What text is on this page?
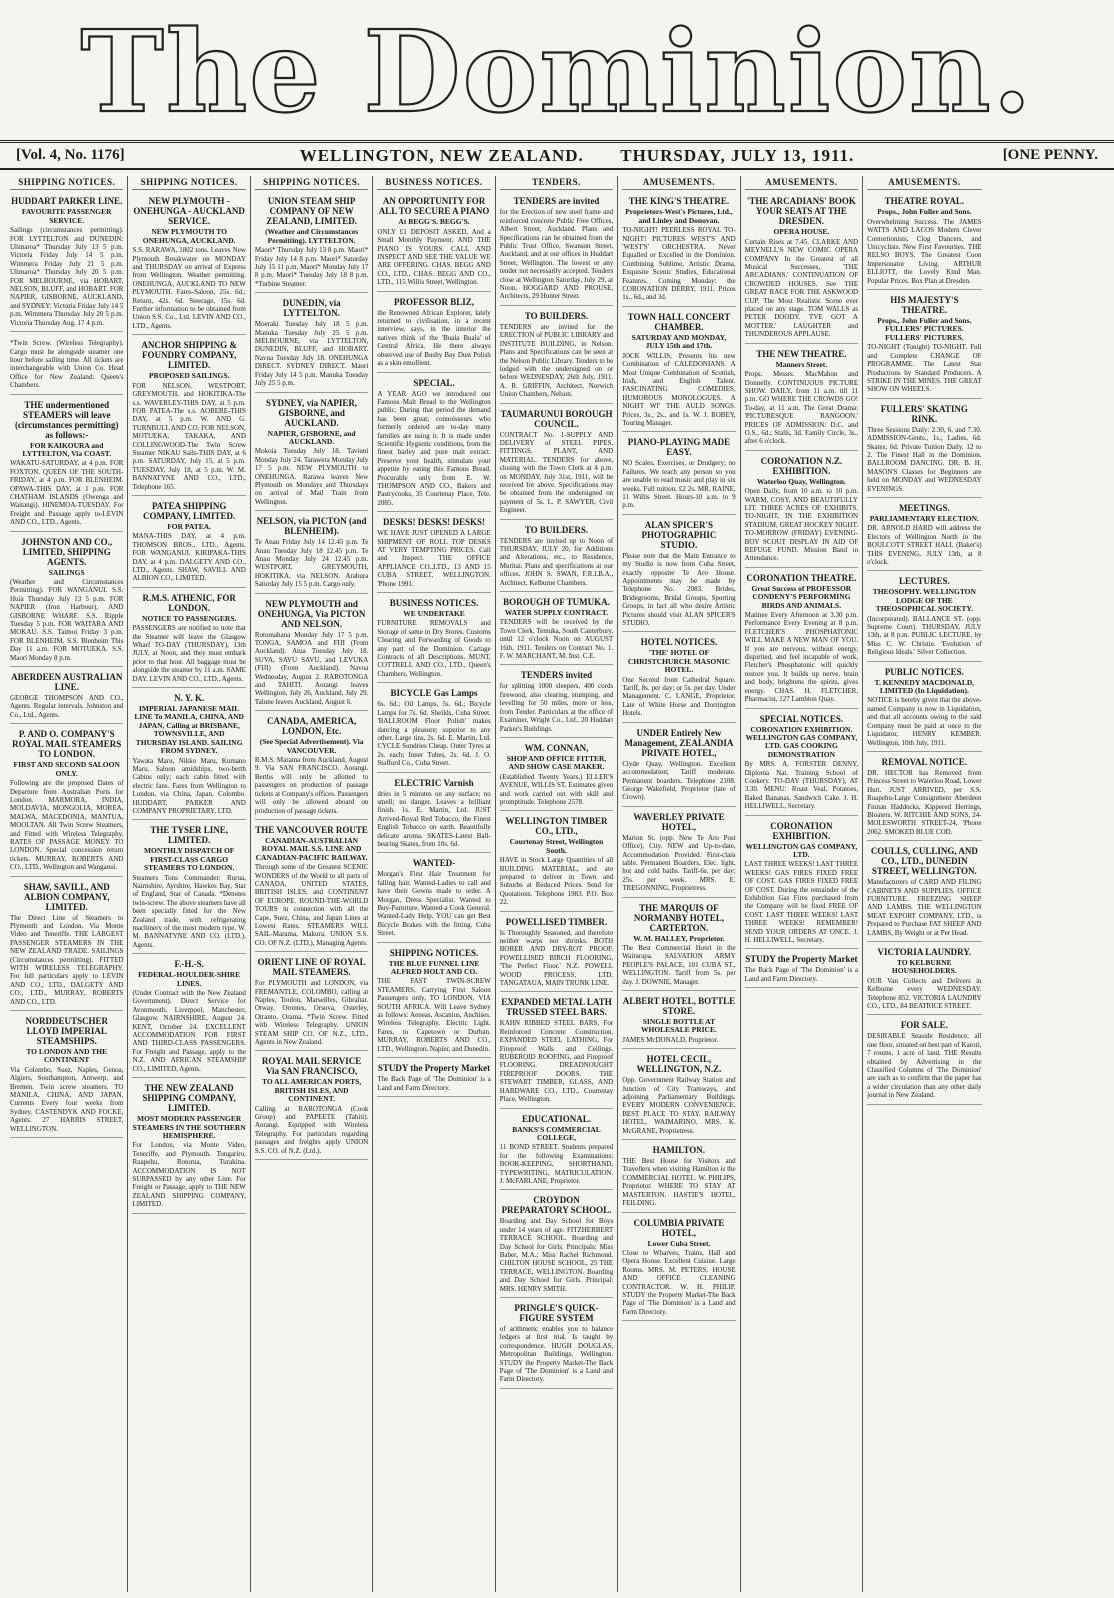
The Dominion.
[Vol. 4, No. 1176]	WELLINGTON, NEW ZEALAND. THURSDAY, JULY 13, 1911.	[ONE PENNY.
SHIPPING NOTICES.
HUDDART PARKER LINE.
FAVOURITE PASSENGER SERVICE.

Sailings (circumstances permitting). FOR LYTTELTON and DUNEDIN: Ulimaroa* Thursday July 13 5 p.m. Victoria Friday July 14 5 p.m. Wimmera Friday July 21 5 p.m. Ulimaroa* Thursday July 20 5 p.m. FOR MELBOURNE, via HOBART, NELSON, BLUFF, and HOBART. FOR NAPIER, GISBORNE, AUCKLAND, and SYDNEY: Victoria Friday July 14 5 p.m. Wimmera Thursday July 20 5 p.m. Victoria Thursday Aug. 17 4 p.m.

*Twin Screw. (Wireless Telegraphy). Cargo must be alongside steamer one hour before sailing time. All tickets are interchangeable with Union Co. Head Office for New Zealand: Queen's Chambers.

THE undermentioned STEAMERS will leave (circumstances permitting) as follows:-
FOR KAIKOURA and LYTTELTON, Via COAST.

WAKATU-SATURDAY, at 4 p.m. FOR FOXTON. QUEEN OF THE SOUTH-FRIDAY, at 4 p.m. FOR BLENHEIM. OPAWA-THIS DAY, at 1 p.m. FOR CHATHAM ISLANDS (Owenga and Waitangi). HINEMOA-TUESDAY. For Freight and Passage apply to-LEVIN AND CO., LTD., Agents.

JOHNSTON AND CO., LIMITED, SHIPPING AGENTS.
SAILINGS

(Weather and Circumstances Permitting). FOR WANGANUI. S.S. Huia Thursday July 13 5 p.m. FOR NAPIER (Iron Harbour), AND GISBORNE WHARF. S.S. Ripple Tuesday 5 p.m. FOR WAITARA AND MOKAU. S.S. Taimoi Friday 3 p.m. FOR BLENHEIM. S.S. Blenheim This Day 11 a.m. FOR MOTUEKA. S.S. Maori Monday 8 p.m.

ABERDEEN AUSTRALIAN LINE.

GEORGE THOMPSON AND CO., Agents. Regular intervals. Johnston and Co., Ltd., Agents.

P. AND O. COMPANY'S ROYAL MAIL STEAMERS TO LONDON.
FIRST AND SECOND SALOON ONLY.

Following are the proposed Dates of Departure from Australian Ports for London. MARMORA, INDIA, MOLDAVIA, MONGOLIA, MOREA, MALWA, MACEDONIA, MANTUA, MOOLTAN. All Twin Screw Steamers, and Fitted with Wireless Telegraphy. RATES OF PASSAGE MONEY TO LONDON. Special concession return tickets. MURRAY, ROBERTS AND CO., LTD., Wellington and Wanganui.

SHAW, SAVILL, AND ALBION COMPANY, LIMITED.

The Direct Line of Steamers to Plymouth and London. Via Monte Video and Teneriffe. THE LARGEST PASSENGER STEAMERS IN THE NEW ZEALAND TRADE. SAILINGS (Circumstances permitting). FITTED WITH WIRELESS TELEGRAPHY. For full particulars apply to LEVIN AND CO., LTD., DALGETY AND CO., LTD., MURRAY, ROBERTS AND CO., LTD.

NORDDEUTSCHER LLOYD IMPERIAL STEAMSHIPS.
TO LONDON AND THE CONTINENT

Via Colombo, Suez, Naples, Genoa, Algiers, Southampton, Antwerp, and Bremen. Twin screw steamers. TO MANILA, CHINA, AND JAPAN. Currents Every four weeks from Sydney. CASTENDYK AND FOCKE, Agents. 27 HARRIS STREET, WELLINGTON.

SHIPPING NOTICES.
NEW PLYMOUTH - ONEHUNGA - AUCKLAND SERVICE.
NEW PLYMOUTH TO ONEHUNGA, AUCKLAND.

S.S. RARAWA, 1802 tons. Leaves New Plymouth Breakwater on MONDAY and THURSDAY on arrival of Express from Wellington. Weather permitting. ONEHUNGA, AUCKLAND TO NEW PLYMOUTH. Fares-Saloon, 25s. 6d.; Return, 42s. 6d. Steerage, 15s. 6d. Further information to be obtained from Union S.S. Co., Ltd. LEVIN AND CO., LTD., Agents.

ANCHOR SHIPPING & FOUNDRY COMPANY, LIMITED.
PROPOSED SAILINGS.

FOR NELSON, WESTPORT, GREYMOUTH, and HOKITIKA-The s.s. WAVERLEY-THIS DAY, at 5 p.m. FOR PATEA-The s.s. AORERE-THIS DAY, at 5 p.m. W. AND G. TURNBULL AND CO. FOR NELSON, MOTUEKA, TAKAKA, AND COLLINGWOOD-The Twin Screw Steamer NIKAU Sails-THIS DAY, at 6 p.m. SATURDAY, July 15, at 5 p.m. TUESDAY, July 18, at 5 p.m. W. M. BANNATYNE AND CO., LTD., Telephone 165.

PATEA SHIPPING COMPANY, LIMITED.
FOR PATEA.

MANA-THIS DAY, at 4 p.m. THOMSON BROS., LTD., Agents. FOR WANGANUI. KIRIPAKA-THIS DAY, at 4 p.m. DALGETY AND CO., LTD., Agents. SHAW, SAVILL AND ALBION CO., LIMITED.

R.M.S. ATHENIC, FOR LONDON.
NOTICE TO PASSENGERS.

PASSENGERS are notified to note that the Steamer will leave the Glasgow Wharf TO-DAY (THURSDAY), 13th JULY, at Noon, and they must embark prior to that hour. All baggage must be alongside the steamer by 11 a.m. SAME DAY. LEVIN AND CO., LTD., Agents.

N. Y. K.
IMPERIAL JAPANESE MAIL LINE To MANILA, CHINA, AND JAPAN, Calling at BRISBANE, TOWNSVILLE, AND THURSDAY ISLAND. SAILING FROM SYDNEY.

Yawata Maru, Nikko Maru, Kumano Maru. Saloon amidships, two-berth Cabins only; each cabin fitted with electric fans. Fares from Wellington to London, via China, Japan, Colombo. HUDDART, PARKER AND COMPANY PROPRIETARY, LTD.

THE TYSER LINE, LIMITED.
MONTHLY DISPATCH OF FIRST-CLASS CARGO STEAMERS TO LONDON.

Steamers Tons Commander: Rurua, Nairnshire, Ayrshire, Hawkes Bay, Star of England, Star of Canada. *Denotes twin-screw. The above steamers have all been specially fitted for the New Zealand trade, with refrigerating machinery of the most modern type. W. M. BANNATYNE AND CO. (LTD.), Agents.

F.-H.-S.
FEDERAL-HOULDER-SHIRE LINES.

(Under Contract with the New Zealand Government). Direct Service for Avonmouth, Liverpool, Manchester, Glasgow. NAIRNSHIRE, August 24. KENT, October 24. EXCELLENT ACCOMMODATION FOR FIRST AND THIRD-CLASS PASSENGERS. For Freight and Passage, apply to the N.Z. AND AFRICAN STEAMSHIP CO., LIMITED, Agents.

THE NEW ZEALAND SHIPPING COMPANY, LIMITED.
MOST MODERN PASSENGER STEAMERS IN THE SOUTHERN HEMISPHERE.

For London, via Monte Video, Teneriffe, and Plymouth. Tongariro, Ruapehu, Rotorua, Turakina. ACCOMMODATION IS NOT SURPASSED by any other Line. For Freight or Passage, apply to THE NEW ZEALAND SHIPPING COMPANY, LIMITED.

SHIPPING NOTICES.
UNION STEAM SHIP COMPANY OF NEW ZEALAND, LIMITED.
(Weather and Circumstances Permitting). LYTTELTON.

Maori* Thursday July 13 8 p.m. Maori* Friday July 14 8 p.m. Maori* Saturday July 15 11 p.m. Maori* Monday July 17 8 p.m. Maori* Tuesday July 18 8 p.m. *Turbine Steamer.

DUNEDIN, via LYTTELTON.

Moeraki Tuesday July 18 5 p.m. Manuka Tuesday July 25 5 p.m. MELBOURNE, via LYTTELTON, DUNEDIN, BLUFF, and HOBART. Navua Tuesday July 18. ONEHUNGA DIRECT. SYDNEY DIRECT. Maori Friday July 14 5 p.m. Manuka Tuesday July 25 5 p.m.

SYDNEY, via NAPIER, GISBORNE, and AUCKLAND.
NAPIER, GISBORNE, and AUCKLAND.

Mokoia Tuesday July 18. Taviuni Monday July 24. Tarawera Monday July 17 5 p.m. NEW PLYMOUTH to ONEHUNGA. Rarawa leaves New Plymouth on Mondays and Thursdays on arrival of Mail Train from Wellington.

NELSON, via PICTON (and BLENHEIM).

Te Anau Friday July 14 12.45 p.m. Te Anau Tuesday July 18 12.45 p.m. Te Anau Monday July 24 12.45 p.m. WESTPORT, GREYMOUTH, HOKITIKA, via NELSON. Arahura Saturday July 15 5 p.m. Cargo only.

NEW PLYMOUTH and ONEHUNGA, Via PICTON AND NELSON.

Rotomahana Monday July 17 5 p.m. TONGA, SAMOA and FIJI (From Auckland). Atua Tuesday July 18. SUVA, SAVU SAVU, and LEVUKA (FIJI) (From Auckland). Navua Wednesday, August 2. RAROTONGA and TAHITI. Aorangi leaves Wellington, July 26, Auckland, July 29. Talune leaves Auckland, August 6.

CANADA, AMERICA, LONDON, Etc.
(See Special Advertisement). Via VANCOUVER.

R.M.S. Marama from Auckland, August 9. Via SAN FRANCISCO. Aorangi. Berths will only be allotted to passengers on production of passage tickets at Company's offices. Passengers will only be allowed aboard on production of passage tickets.

THE VANCOUVER ROUTE
CANADIAN-AUSTRALIAN ROYAL MAIL S.S. LINE AND CANADIAN-PACIFIC RAILWAY.

Through some of the Greatest SCENIC WONDERS of the World to all parts of CANADA, UNITED STATES, BRITISH ISLES, and CONTINENT OF EUROPE. ROUND-THE-WORLD TOURS in connection with all the Cape, Suez, China, and Japan Lines at Lowest Rates. STEAMERS WILL SAIL-Marama, Makura. UNION S.S. CO. OF N.Z. (LTD.), Managing Agents.

ORIENT LINE OF ROYAL MAIL STEAMERS.

For PLYMOUTH and LONDON, via FREMANTLE, COLOMBO, calling at Naples, Toulon, Marseilles, Gibraltar. Otway, Orontes, Orsova, Osterley, Otranto, Orama. *Twin Screw. Fitted with Wireless Telegraphy. UNION STEAM SHIP CO. OF N.Z., LTD., Agents in New Zealand.

ROYAL MAIL SERVICE Via SAN FRANCISCO,
TO ALL AMERICAN PORTS, BRITISH ISLES, AND CONTINENT.

Calling at RAROTONGA (Cook Group) and PAPEETE (Tahiti). Aorangi. Equipped with Wireless Telegraphy. For particulars regarding passages and freights apply UNION S.S. CO. of N.Z. (Ltd.).

BUSINESS NOTICES.
AN OPPORTUNITY FOR ALL TO SECURE A PIANO
At BEGG'S. BEGG'S.

ONLY £1 DEPOSIT ASKED, And a Small Monthly Payment, AND THE PIANO IS YOURS. CALL AND INSPECT AND SEE THE VALUE WE ARE OFFERING. CHAS. BEGG AND CO., LTD., CHAS. BEGG AND CO., LTD., 115 Willis Street, Wellington.

PROFESSOR BLIZ,

the Renowned African Explorer, lately returned to civilisation, in a recent interview, says, in the interior the natives think of the 'Buala Buala' of Central Africa. He there always observed use of Bushy Bay Dust Polish as a skin emollient.

SPECIAL.

A YEAR AGO we introduced our Famous Malt Bread to the Wellington public. During that period the demand has been great; connoisseurs who formerly ordered are to-day many families are using it. It is made under Scientific Hygienic conditions, from the finest barley and pure malt extract. Preserve your health, stimulate your appetite by eating this Famous Bread. Procurable only from E. W. THOMPSON AND CO., Bakers and Pastrycooks, 35 Courtenay Place, Tele. 2085.

DESKS! DESKS! DESKS!

WE HAVE JUST OPENED A LARGE SHIPMENT OF ROLL TOP DESKS AT VERY TEMPTING PRICES. Call and Inspect. THE OFFICE APPLIANCE CO.,LTD., 13 AND 15 CUBA STREET, WELLINGTON. 'Phone 1991.

BUSINESS NOTICES.
WE UNDERTAKE

FURNITURE REMOVALS and Storage of same in Dry Stores. Customs Clearing and Forwarding of Goods to any part of the Dominion. Cartage Contracts of all Descriptions. MUNT, COTTRELL AND CO., LTD., Queen's Chambers, Wellington.

BICYCLE Gas Lamps

6s. 6d.; Oil Lamps, 5s. 6d.; Bicycle Lamps for 7s. 6d. Sheilds, Cuba Street. 'BALLROOM Floor Polish' makes dancing a pleasure; superior to any other. Large tins, 2s. 6d. E. Martin, Ltd. CYCLE Sundries Cheap. Outer Tyres at 2s. each; Inner Tubes, 2s. 6d. J. O. Stafford Co., Cuba Street.

ELECTRIC Varnish

dries in 5 minutes on any surface; no smell; no danger. Leaves a brilliant finish. 1s. E. Martin, Ltd. JUST Arrived-Royal Red Tobacco, the Finest English Tobacco on earth. Beautifully delicate aroma. SKATES-Latest Ball-bearing Skates, from 10s. 6d.

WANTED-

Morgan's First Hair Treatment for falling hair. Wanted-Ladies to call and have their Gowns made to order. A Morgan, Dress Specialist. Wanted to Buy-Furniture. Wanted-a Cook General. Wanted-Lady Help. YOU can get Best Bicycle Brakes with the fitting. Cuba Street.

SHIPPING NOTICES.
THE BLUE FUNNEL LINE ALFRED HOLT AND CO.

THE FAST TWIN-SCREW STEAMERS, Carrying First Saloon Passengers only, TO LONDON, VIA SOUTH AFRICA. Will Leave Sydney as follows: Aeneas, Ascanius, Anchises. Wireless Telegraphy. Electric Light. Fares, to Capetown or Durban. MURRAY, ROBERTS AND CO., LTD., Wellington, Napier, and Dunedin.

STUDY the Property Market

The Back Page of 'The Dominion' is a Land and Farm Directory.

TENDERS.
TENDERS are invited

for the Erection of new steel frame and reinforced concrete Public Free Offices, Albert Street, Auckland. Plans and Specifications can be obtained from the Public Trust Office, Swanson Street, Auckland, and at our offices in Huddart Street, Wellington. The lowest or any tender not necessarily accepted. Tenders close at Wellington Saturday, July 29, at Noon. HOGGARD AND PROUSE, Architects, 29 Hunter Street.

TO BUILDERS.

TENDERS are invited for the ERECTION of PUBLIC LIBRARY and INSTITUTE BUILDING, in Nelson. Plans and Specifications can be seen at the Nelson Public Library. Tenders to be lodged with the undersigned on or before WEDNESDAY, 26th July, 1911. A. R. GRIFFIN, Architect, Norwich Union Chambers, Nelson.

TAUMARUNUI BOROUGH COUNCIL.

CONTRACT No. 1-SUPPLY AND DELIVERY of STEEL PIPES, FITTINGS, PLANT, AND MATERIAL. TENDERS for above, closing with the Town Clerk at 4 p.m. on MONDAY, July 31st, 1911, will be received for above. Specifications may be obtained from the undersigned on payment of 5s. L. P. SAWYER, Civil Engineer.

TO BUILDERS.

TENDERS are invited up to Noon of THURSDAY, JULY 20, for Additions and Alterations, etc., to Residence, Muritai. Plans and specifications at our offices. JOHN S. SWAN, F.R.I.B.A., Architect, Kelburne Chambers.

BOROUGH OF TUMUKA.
WATER SUPPLY CONTRACT.

TENDERS will be received by the Town Clerk, Temuka, South Canterbury, until 12 o'clock Noon on AUGUST 16th, 1911. Tenders on Contract No. 1. F. W. MARCHANT, M. Inst. C.E.

TENDERS invited

for splitting 1000 sleepers, 400 cords firewood, also clearing, stumping, and levelling for 50 miles, more or less, from Tender. Particulars at the office of Examiner, Wright Co., Ltd., 20 Huddart Parker's Buildings.

WM. CONNAN,
SHOP AND OFFICE FITTER, AND SHOW CASE MAKER.

(Established Twenty Years.) ELLER'S AVENUE, WILLIS ST. Estimates given and work carried out with skill and promptitude. Telephone 2578.

WELLINGTON TIMBER CO., LTD.,
Courtenay Street, Wellington South.

HAVE in Stock Large Quantities of all BUILDING MATERIAL, and are prepared to deliver in Town and Suburbs at Reduced Prices. Send for Quotations. Telephone 1983. P.O. Box 22.

POWELLISED TIMBER.

Is Thoroughly Seasoned, and therefore neither warps nor shrinks. BOTH BORER AND DRY-ROT PROOF. POWELLISED BIRCH FLOORING, 'The Perfect Floor.' N.Z. POWELL WOOD PROCESS, LTD. TANGATAUA, MAIN TRUNK LINE.

EXPANDED METAL LATH TRUSSED STEEL BARS.

KAHN RIBBED STEEL BARS, For Reinforced Concrete Construction. EXPANDED STEEL LATHING, For Fireproof Walls and Ceilings. RUBEROID ROOFING, and Fireproof FLOORING. DREADNOUGHT FIREPROOF DOORS. THE STEWART TIMBER, GLASS, AND HARDWARE CO., LTD., Courtenay Place, Wellington.

EDUCATIONAL.
BANKS'S COMMERCIAL COLLEGE,

11 BOND STREET. Students prepared for the following Examinations: BOOK-KEEPING, SHORTHAND, TYPEWRITING, MATRICULATION. J. McFARLANE, Proprietor.

CROYDON PREPARATORY SCHOOL.

Boarding and Day School for Boys under 14 years of age. FITZHERBERT TERRACE SCHOOL. Boarding and Day School for Girls. Principals: Miss Baber, M.A.; Miss Rachel Richmond. CHILTON HOUSE SCHOOL, 25 THE TERRACE, WELLINGTON. Boarding and Day School for Girls. Principal: MRS. HENRY SMITH.

PRINGLE'S QUICK-FIGURE SYSTEM

of arithmetic enables you to balance ledgers at first trial. Is taught by correspondence. HUGH DOUGLAS, Metropolitan Buildings, Wellington. STUDY the Property Market-The Back Page of 'The Dominion' is a Land and Farm Directory.

AMUSEMENTS.
THE KING'S THEATRE.
Proprietors-West's Pictures, Ltd., and Linley and Donovan.

TO-NIGHT! PEERLESS ROYAL TO-NIGHT! PICTURES WEST'S AND 'WEST'S' ORCHESTRA. Never Equalled or Excelled in the Dominion. Combining Sublime, Artistic Drama, Exquisite Scenic Studies, Educational Features. Coming Monday: the CORONATION DERBY, 1911. Prices 1s., 6d., and 3d.

TOWN HALL CONCERT CHAMBER.
SATURDAY AND MONDAY, JULY 15th and 17th.

JOCK WILLIS, Presents his new Combination of CALEDONIANS. A Most Unique Combination of Scottish, Irish, and English Talent. FASCINATING COMEDIES, HUMOROUS MONOLOGUES. A NIGHT WI' THE AULD SONGS. Prices, 3s., 2s., and 1s. W. J. ROBEY, Touring Manager.

PIANO-PLAYING MADE EASY.

NO Scales, Exercises, or Drudgery; no Failures. We teach any person so you are unable to read music and play in six weeks. Full tuition, £2 2s. MR. RAINE, 11 Willis Street. Hours-10 a.m. to 9 p.m.

ALAN SPICER'S PHOTOGRAPHIC STUDIO.

Please note that the Main Entrance to my Studio is now from Cuba Street, exactly opposite Te Aro House. Appointments may be made by Telephone No. 2083. Brides, Bridegrooms, Bridal Groups, Sporting Groups, in fact all who desire Artistic Pictures should visit ALAN SPICER'S STUDIO.

HOTEL NOTICES.
'THE' HOTEL OF CHRISTCHURCH. MASONIC HOTEL.

One Second from Cathedral Square. Tariff, 8s. per day; or 5s. per day. Under Management. C. LANGE, Proprietor. Late of White Horse and Dorrington Hotels.

UNDER Entirely New Management, ZEALANDIA PRIVATE HOTEL,

Clyde Quay, Wellington. Excellent accommodation; Tariff moderate. Permanent boarders. Telephone 2108. George Wakefield, Proprietor (late of Crown).

WAVERLEY PRIVATE HOTEL,

Marion St. (opp. New Te Aro Post Office), City. NEW and Up-to-date, Accommodation Provided. First-class table. Permanent Boarders, Elec. light, hot and cold baths. Tariff-6s. per day; 25s. per week. MRS. E. TREGONNING, Proprietress.

THE MARQUIS OF NORMANBY HOTEL, CARTERTON.
W. M. HALLEY, Proprietor.

The Best Commercial Hotel in the Wairarapa. SALVATION ARMY PEOPLE'S PALACE, 101 CUBA ST., WELLINGTON. Tariff from 5s. per day. J. DOWNIE, Manager.

ALBERT HOTEL, BOTTLE STORE.
SINGLE BOTTLE AT WHOLESALE PRICE.

JAMES McDONALD, Proprietor.

HOTEL CECIL, WELLINGTON, N.Z.

Opp. Government Railway Station and Junction of City Tramways, and adjoining Parliamentary Buildings. EVERY MODERN CONVENIENCE. BEST PLACE TO STAY. RAILWAY HOTEL, WAIMARINO. MRS. K. McGRANE, Proprietress.

HAMILTON.

THE Best House for Visitors and Travellers when visiting Hamilton is the COMMERCIAL HOTEL. W. PHILIPS, Proprietor. WHERE TO STAY AT MASTERTON. HASTIE'S HOTEL, FEILDING.

COLUMBIA PRIVATE HOTEL,
Lower Cuba Street.

Close to Wharves, Trains, Hall and Opera House. Excellent Cuisine. Large Rooms. MRS. M. PETERS. HOUSE AND OFFICE CLEANING CONTRACTOR. W. H. PHILIP. STUDY the Property Market-The Back Page of 'The Dominion' is a Land and Farm Directory.

AMUSEMENTS.
'THE ARCADIANS' BOOK YOUR SEATS AT THE DRESDEN.
OPERA HOUSE.

Curtain Rises at 7.45. CLARKE AND MEYNELL'S NEW COMIC OPERA COMPANY In the Greatest of all Musical Successes, 'THE ARCADIANS.' CONTINUATION OF CROWDED HOUSES. See THE GREAT RACE FOR THE ASKWOOD CUP. The Most Realistic Scene ever placed on any stage. TOM WALLS as PETER DOODY. 'I'VE GOT A MOTTER.' LAUGHTER and THUNDEROUS APPLAUSE.

THE NEW THEATRE.
Manners Street.

Props. Messrs. MacMahon and Donnelly. CONTINUOUS PICTURE SHOW. DAILY, from 11 a.m. till 11 p.m. GO WHERE THE CROWDS GO! To-day, at 11 a.m. The Great Drama: 'PICTURESQUE RANGOON.' PRICES OF ADMISSION: D.C. and O.S., 6d.; Stalls, 3d. Family Circle, 3s., after 6 o'clock.

CORONATION N.Z. EXHIBITION.
Waterloo Quay, Wellington.

Open Daily, from 10 a.m. to 10 p.m. WARM, COSY, AND BEAUTIFULLY LIT. THREE ACRES OF EXHIBITS. TO-NIGHT, IN THE EXHIBITION STADIUM, GREAT HOCKEY NIGHT. TO-MORROW (FRIDAY) EVENING-BOY SCOUT DISPLAY IN AID OF REFUGE FUND. Mission Band in Attendance.

CORONATION THEATRE.
Great Success of PROFESSOR CONDENY'S PERFORMING BIRDS AND ANIMALS.

Matinee Every Afternoon at 3.30 p.m. Performance Every Evening at 8 p.m. FLETCHER'S PHOSPHATONIC WILL MAKE A NEW MAN OF YOU. If you are nervous, without energy, dispirited, and feel incapable of work, Fletcher's Phosphatonic will quickly restore you. It builds up nerve, brain and body, brightens the spirits, gives energy. CHAS. H. FLETCHER, Pharmacist, 127 Lambton Quay.

SPECIAL NOTICES.
CORONATION EXHIBITION. WELLINGTON GAS COMPANY, LTD. GAS COOKING DEMONSTRATION

By MRS. A. FORSTER DENNY, Diploma Nat. Training School of Cookery. TO-DAY (THURSDAY), AT 3.30. MENU: Roast Veal, Potatoes, Baked Bananas, Sandwich Cake. J. H. HELLIWELL, Secretary.

CORONATION EXHIBITION.
WELLINGTON GAS COMPANY, LTD.

LAST THREE WEEKS! LAST THREE WEEKS! GAS FIRES FIXED FREE OF COST. GAS FIRES FIXED FREE OF COST. During the remainder of the Exhibition Gas Fires purchased from the Company will be fixed FREE OF COST. LAST THREE WEEKS! LAST THREE WEEKS! REMEMBER! SEND YOUR ORDERS AT ONCE. J. H. HELLIWELL, Secretary.

STUDY the Property Market

The Back Page of 'The Dominion' is a Land and Farm Directory.

AMUSEMENTS.
THEATRE ROYAL.
Props., John Fuller and Sons.

Overwhelming Success. The JAMES WATTS AND LACOS Modern Clever Contortionists, Clog Dancers, and Unicyclists. New First Favourites. THE RELSO BOYS. The Greatest Coon Impersonator Living. ARTHUR ELLIOTT, the Lovely Kind Man. Popular Prices. Box Plan at Dresden.

HIS MAJESTY'S THEATRE.
Props., John Fuller and Sons. FULLERS' PICTURES. FULLERS' PICTURES.

TO-NIGHT (Tonight) TO-NIGHT. Full and Complete CHANGE OF PROGRAMME. The Latest Star Productions by Standard Producers. A STRIKE IN THE MINES. THE GREAT SHOW ON WHEELS.

FULLERS' SKATING RINK.

Three Sessions Daily: 2.30, 6, and 7.30. ADMISSION-Gents., 1s.; Ladies, 6d. Skates, 6d. Private Tuition Daily. 12 to 2. The Finest Hall in the Dominion. BALLROOM DANCING. DR. B. H. MASON'S Classes for Beginners are held on MONDAY and WEDNESDAY EVENINGS.

MEETINGS.
PARLIAMENTARY ELECTION.

DR. ARNOLD HARD will address the Electors of Wellington North in the BOULCOTT STREET HALL (Baker's) THIS EVENING, JULY 13th, at 8 o'clock.

LECTURES.
THEOSOPHY. WELLINGTON LODGE OF THE THEOSOPHICAL SOCIETY.

(Incorporated). BALLANCE ST. (opp. Supreme Court). THURSDAY, JULY 13th, at 8 p.m. PUBLIC LECTURE, by Miss C. W. Christie. 'Evolution of Religious Ideals.' Silver Collection.

PUBLIC NOTICES.
T. KENNEDY MACDONALD, LIMITED (In Liquidation).

NOTICE is hereby given that the above-named Company is now in Liquidation, and that all accounts owing to the said Company must be paid at once to the Liquidator, HENRY KEMBER. Wellington, 10th July, 1911.

REMOVAL NOTICE.

DR. HECTOR has Removed from Princess Street to Waterloo Road, Lower Hutt. JUST ARRIVED, per S.S. Ruapehu-Large Consignment Aberdeen Finnan Haddocks, Kippered Herrings, Bloaters. W. RITCHIE AND SONS, 24-MOLESWORTH STREET-24, 'Phone 2062. SMOKED BLUE COD.

COULLS, CULLING, AND CO., LTD., DUNEDIN STREET, WELLINGTON.

Manufacturers of CARD AND FILING CABINETS AND SUPPLIES. OFFICE FURNITURE. FREEZING SHEEP AND LAMBS. THE WELLINGTON MEAT EXPORT COMPANY, LTD., is Prepared to Purchase FAT SHEEP AND LAMBS, By Weight or at Per Head.

VICTORIA LAUNDRY.
TO KELBURNE HOUSEHOLDERS.

OUR Van Collects and Delivers in Kelburne every WEDNESDAY. Telephone 852. VICTORIA LAUNDRY CO., LTD., 84 BEATRICE STREET.

FOR SALE.

DESIRABLE Seaside Residence, all one floor, situated on best part of Karori, 7 rooms, 1 acre of land. THE Results obtained by Advertising in the Classified Columns of 'The Dominion' are such as to confirm that the paper has a wider circulation than any other daily journal in New Zealand.
